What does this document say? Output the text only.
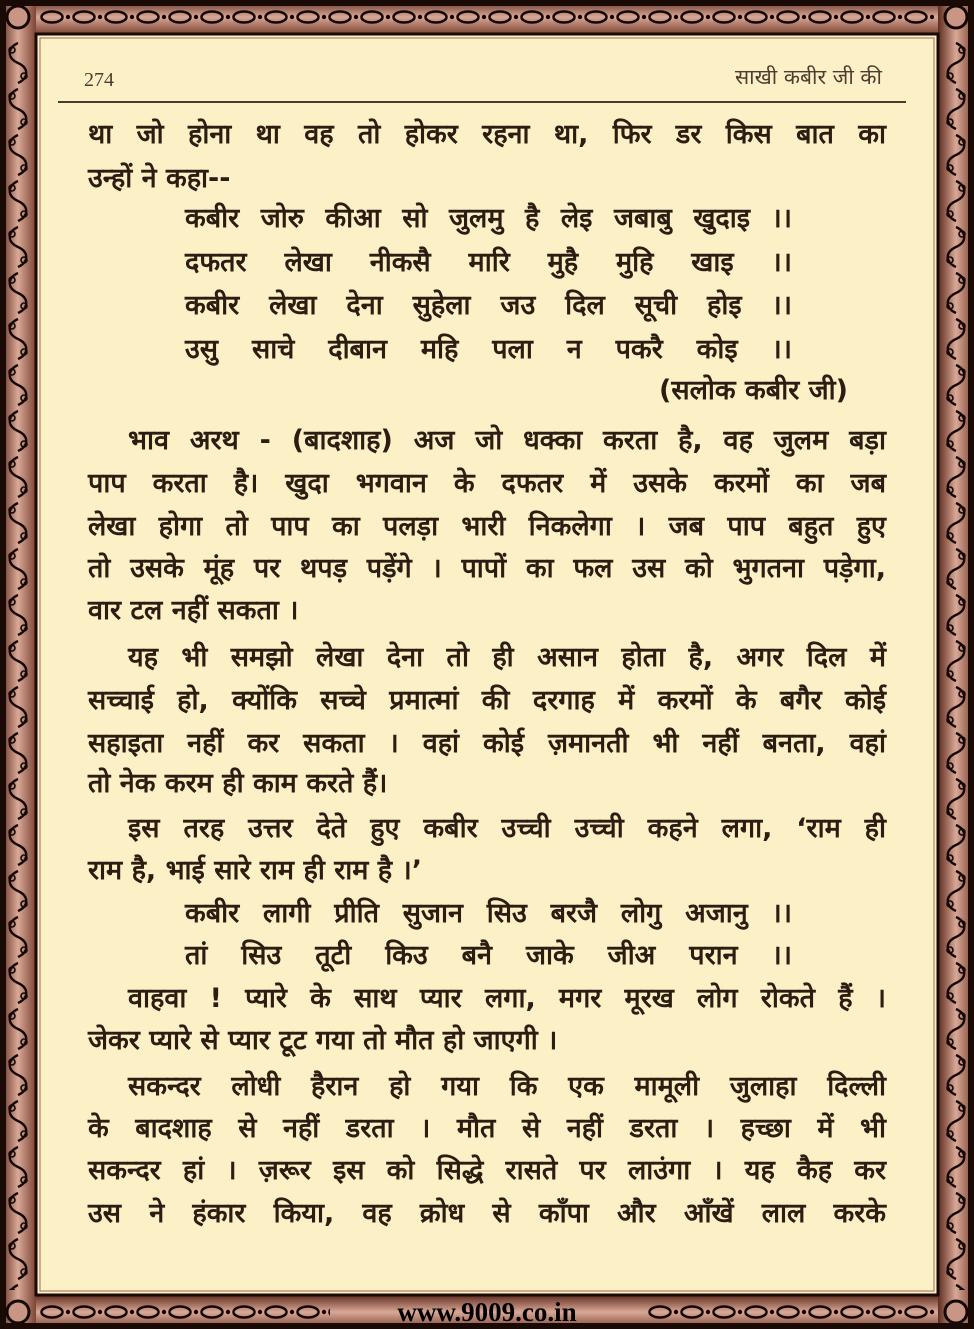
274	साखी कबीर जी की
था जो होना था वह तो होकर रहना था, फिर डर किस बात का
उन्हों ने कहा--
कबीर जोरु कीआ सो जुलमु है लेइ जबाबु खुदाइ ।।
दफतर लेखा नीकसै मारि मुहै मुहि खाइ ।।
कबीर लेखा देना सुहेला जउ दिल सूची होइ ।।
उसु साचे दीबान महि पला न पकरै कोइ ।।
(सलोक कबीर जी)
भाव अरथ - (बादशाह) अज जो धक्का करता है, वह जुलम बड़ा
पाप करता है। खुदा भगवान के दफतर में उसके करमों का जब
लेखा होगा तो पाप का पलड़ा भारी निकलेगा । जब पाप बहुत हुए
तो उसके मूंह पर थपड़ पड़ेंगे । पापों का फल उस को भुगतना पड़ेगा,
वार टल नहीं सकता ।
यह भी समझो लेखा देना तो ही असान होता है, अगर दिल में
सच्चाई हो, क्योंकि सच्चे प्रमात्मां की दरगाह में करमों के बगैर कोई
सहाइता नहीं कर सकता । वहां कोई ज़मानती भी नहीं बनता, वहां
तो नेक करम ही काम करते हैं।
इस तरह उत्तर देते हुए कबीर उच्ची उच्ची कहने लगा, ‘राम ही
राम है, भाई सारे राम ही राम है ।’
कबीर लागी प्रीति सुजान सिउ बरजै लोगु अजानु ।।
तां सिउ तूटी किउ बनै जाके जीअ परान ।।
वाहवा ! प्यारे के साथ प्यार लगा, मगर मूरख लोग रोकते हैं ।
जेकर प्यारे से प्यार टूट गया तो मौत हो जाएगी ।
सकन्दर लोधी हैरान हो गया कि एक मामूली जुलाहा दिल्ली
के बादशाह से नहीं डरता । मौत से नहीं डरता । हच्छा में भी
सकन्दर हां । ज़रूर इस को सिद्धे रासते पर लाउंगा । यह कैह कर
उस ने हंकार किया, वह क्रोध से काँपा और आँखें लाल करके
www.9009.co.in
